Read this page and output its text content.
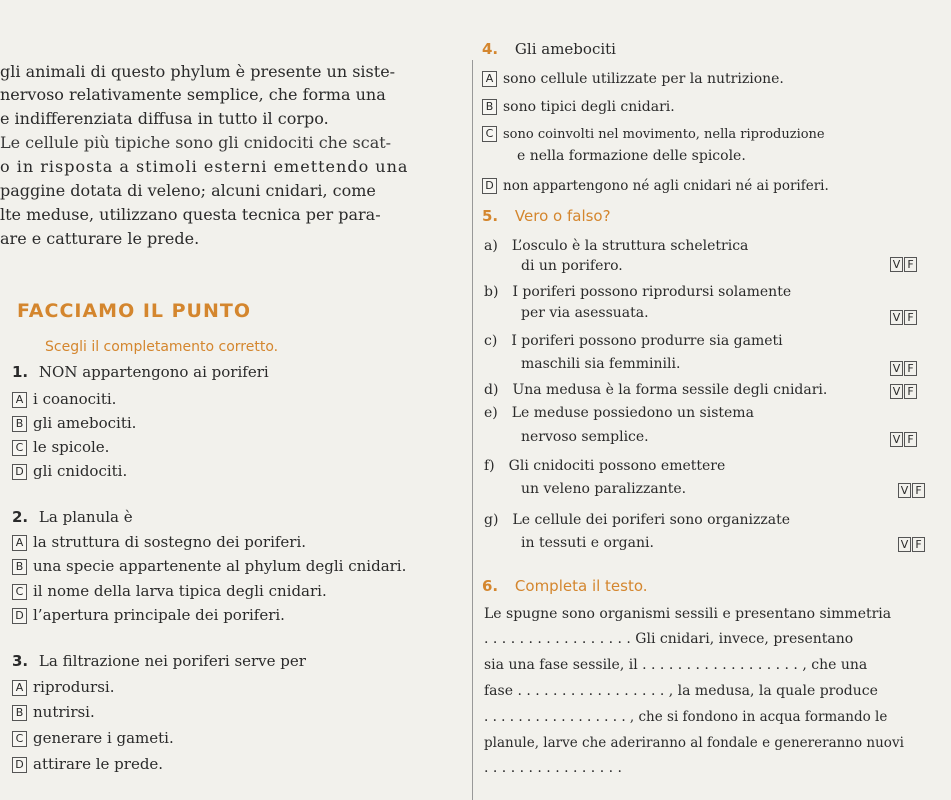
gli animali di questo phylum è presente un siste-
nervoso relativamente semplice, che forma una
e indifferenziata diffusa in tutto il corpo.
Le cellule più tipiche sono gli cnidociti che scat-
o in risposta a stimoli esterni emettendo una
paggine dotata di veleno; alcuni cnidari, come
lte meduse, utilizzano questa tecnica per para-
are e catturare le prede.
FACCIAMO IL PUNTO
Scegli il completamento corretto.
1. NON appartengono ai poriferi
A i coanociti.
B gli amebociti.
C le spicole.
D gli cnidociti.
2. La planula è
A la struttura di sostegno dei poriferi.
B una specie appartenente al phylum degli cnidari.
C il nome della larva tipica degli cnidari.
D l’apertura principale dei poriferi.
3. La filtrazione nei poriferi serve per
A riprodursi.
B nutrirsi.
C generare i gameti.
D attirare le prede.
4. Gli amebociti
A sono cellule utilizzate per la nutrizione.
B sono tipici degli cnidari.
C sono coinvolti nel movimento, nella riproduzione
e nella formazione delle spicole.
D non appartengono né agli cnidari né ai poriferi.
5. Vero o falso?
a) L’osculo è la struttura scheletrica
di un porifero.	V F
b) I poriferi possono riprodursi solamente
per via asessuata.	V F
c) I poriferi possono produrre sia gameti
maschili sia femminili.	V F
d) Una medusa è la forma sessile degli cnidari.	V F
e) Le meduse possiedono un sistema
nervoso semplice.	V F
f) Gli cnidociti possono emettere
un veleno paralizzante.	V F
g) Le cellule dei poriferi sono organizzate
in tessuti e organi.	V F
6. Completa il testo.
Le spugne sono organismi sessili e presentano simmetria
. . . . . . . . . . . . . . . . . Gli cnidari, invece, presentano
sia una fase sessile, il . . . . . . . . . . . . . . . . . . , che una
fase . . . . . . . . . . . . . . . . . , la medusa, la quale produce
. . . . . . . . . . . . . . . . . , che si fondono in acqua formando le
planule, larve che aderiranno al fondale e genereranno nuovi
. . . . . . . . . . . . . . . .
